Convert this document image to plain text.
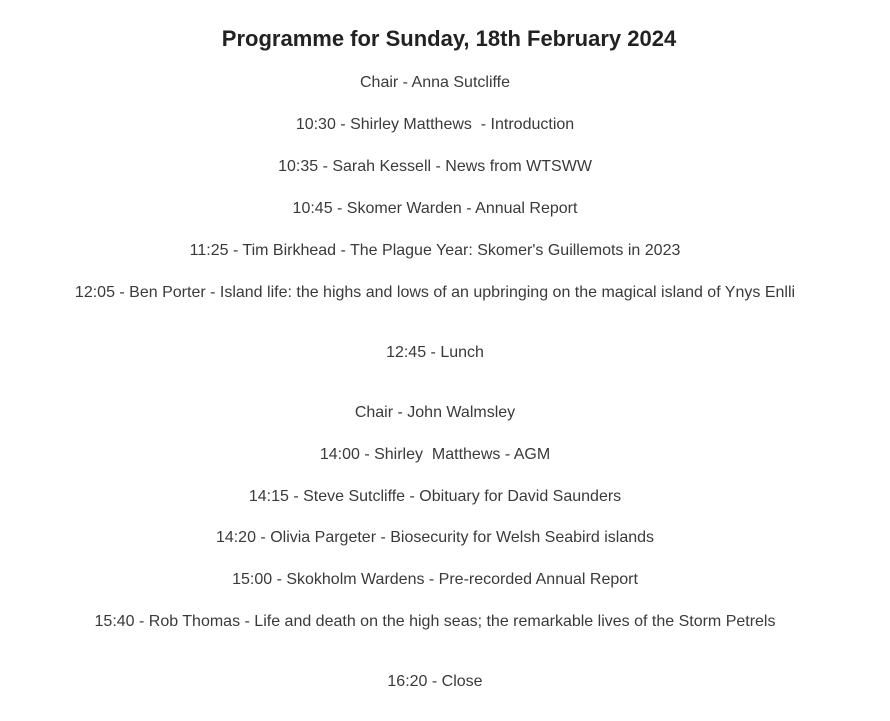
Programme for Sunday, 18th February 2024

Chair - Anna Sutcliffe

10:30 - Shirley Matthews  - Introduction

10:35 - Sarah Kessell - News from WTSWW

10:45 - Skomer Warden - Annual Report

11:25 - Tim Birkhead - The Plague Year: Skomer's Guillemots in 2023

12:05 - Ben Porter - Island life: the highs and lows of an upbringing on the magical island of Ynys Enlli

12:45 - Lunch

Chair - John Walmsley

14:00 - Shirley  Matthews - AGM

14:15 - Steve Sutcliffe - Obituary for David Saunders

14:20 - Olivia Pargeter - Biosecurity for Welsh Seabird islands

15:00 - Skokholm Wardens - Pre-recorded Annual Report

15:40 - Rob Thomas - Life and death on the high seas; the remarkable lives of the Storm Petrels

16:20 - Close
